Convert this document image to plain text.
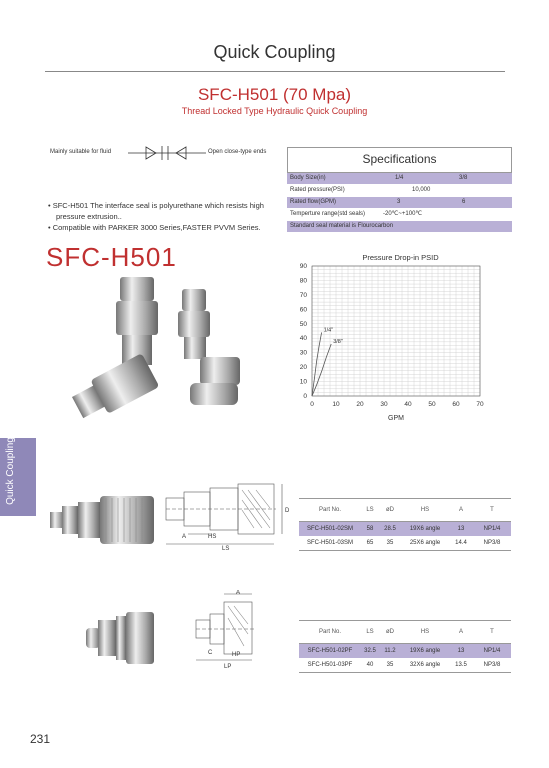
Quick Coupling
SFC-H501 (70 Mpa)
Thread Locked Type Hydraulic Quick Coupling
Mainly suitable for fluid	Open close-type ends	Specifications
Body Size(in)	1/4	3/8
Rated pressure(PSI)	10,000
Rated flow(GPM)	3	6
Temperture range(std seals)	-20℃~+100℃
Standard seal material is Flourocarbon
• SFC-H501 The interface seal is polyurethane which resists high pressure extrusion..
• Compatible with PARKER 3000 Series,FASTER PVVM Series.
SFC-H501	Pressure Drop-in PSID
0	10	20	30	40	50	60	70
0
10
20
30
40
50
60
70
80
90
GPM
1/4"
3/8"
Quick Coupling
A	HS
LS
D	Part No.	LS	øD	HS	A	T
SFC-H501-02SM	58	28.5	19X6 angle	13	NP1/4
SFC-H501-03SM	65	35	25X6 angle	14.4	NP3/8
A
C	HP
LP
Part No.	LS	øD	HS	A	T
SFC-H501-02PF	32.5	11.2	19X6 angle	13	NP1/4
SFC-H501-03PF	40	35	32X6 angle	13.5	NP3/8
231
